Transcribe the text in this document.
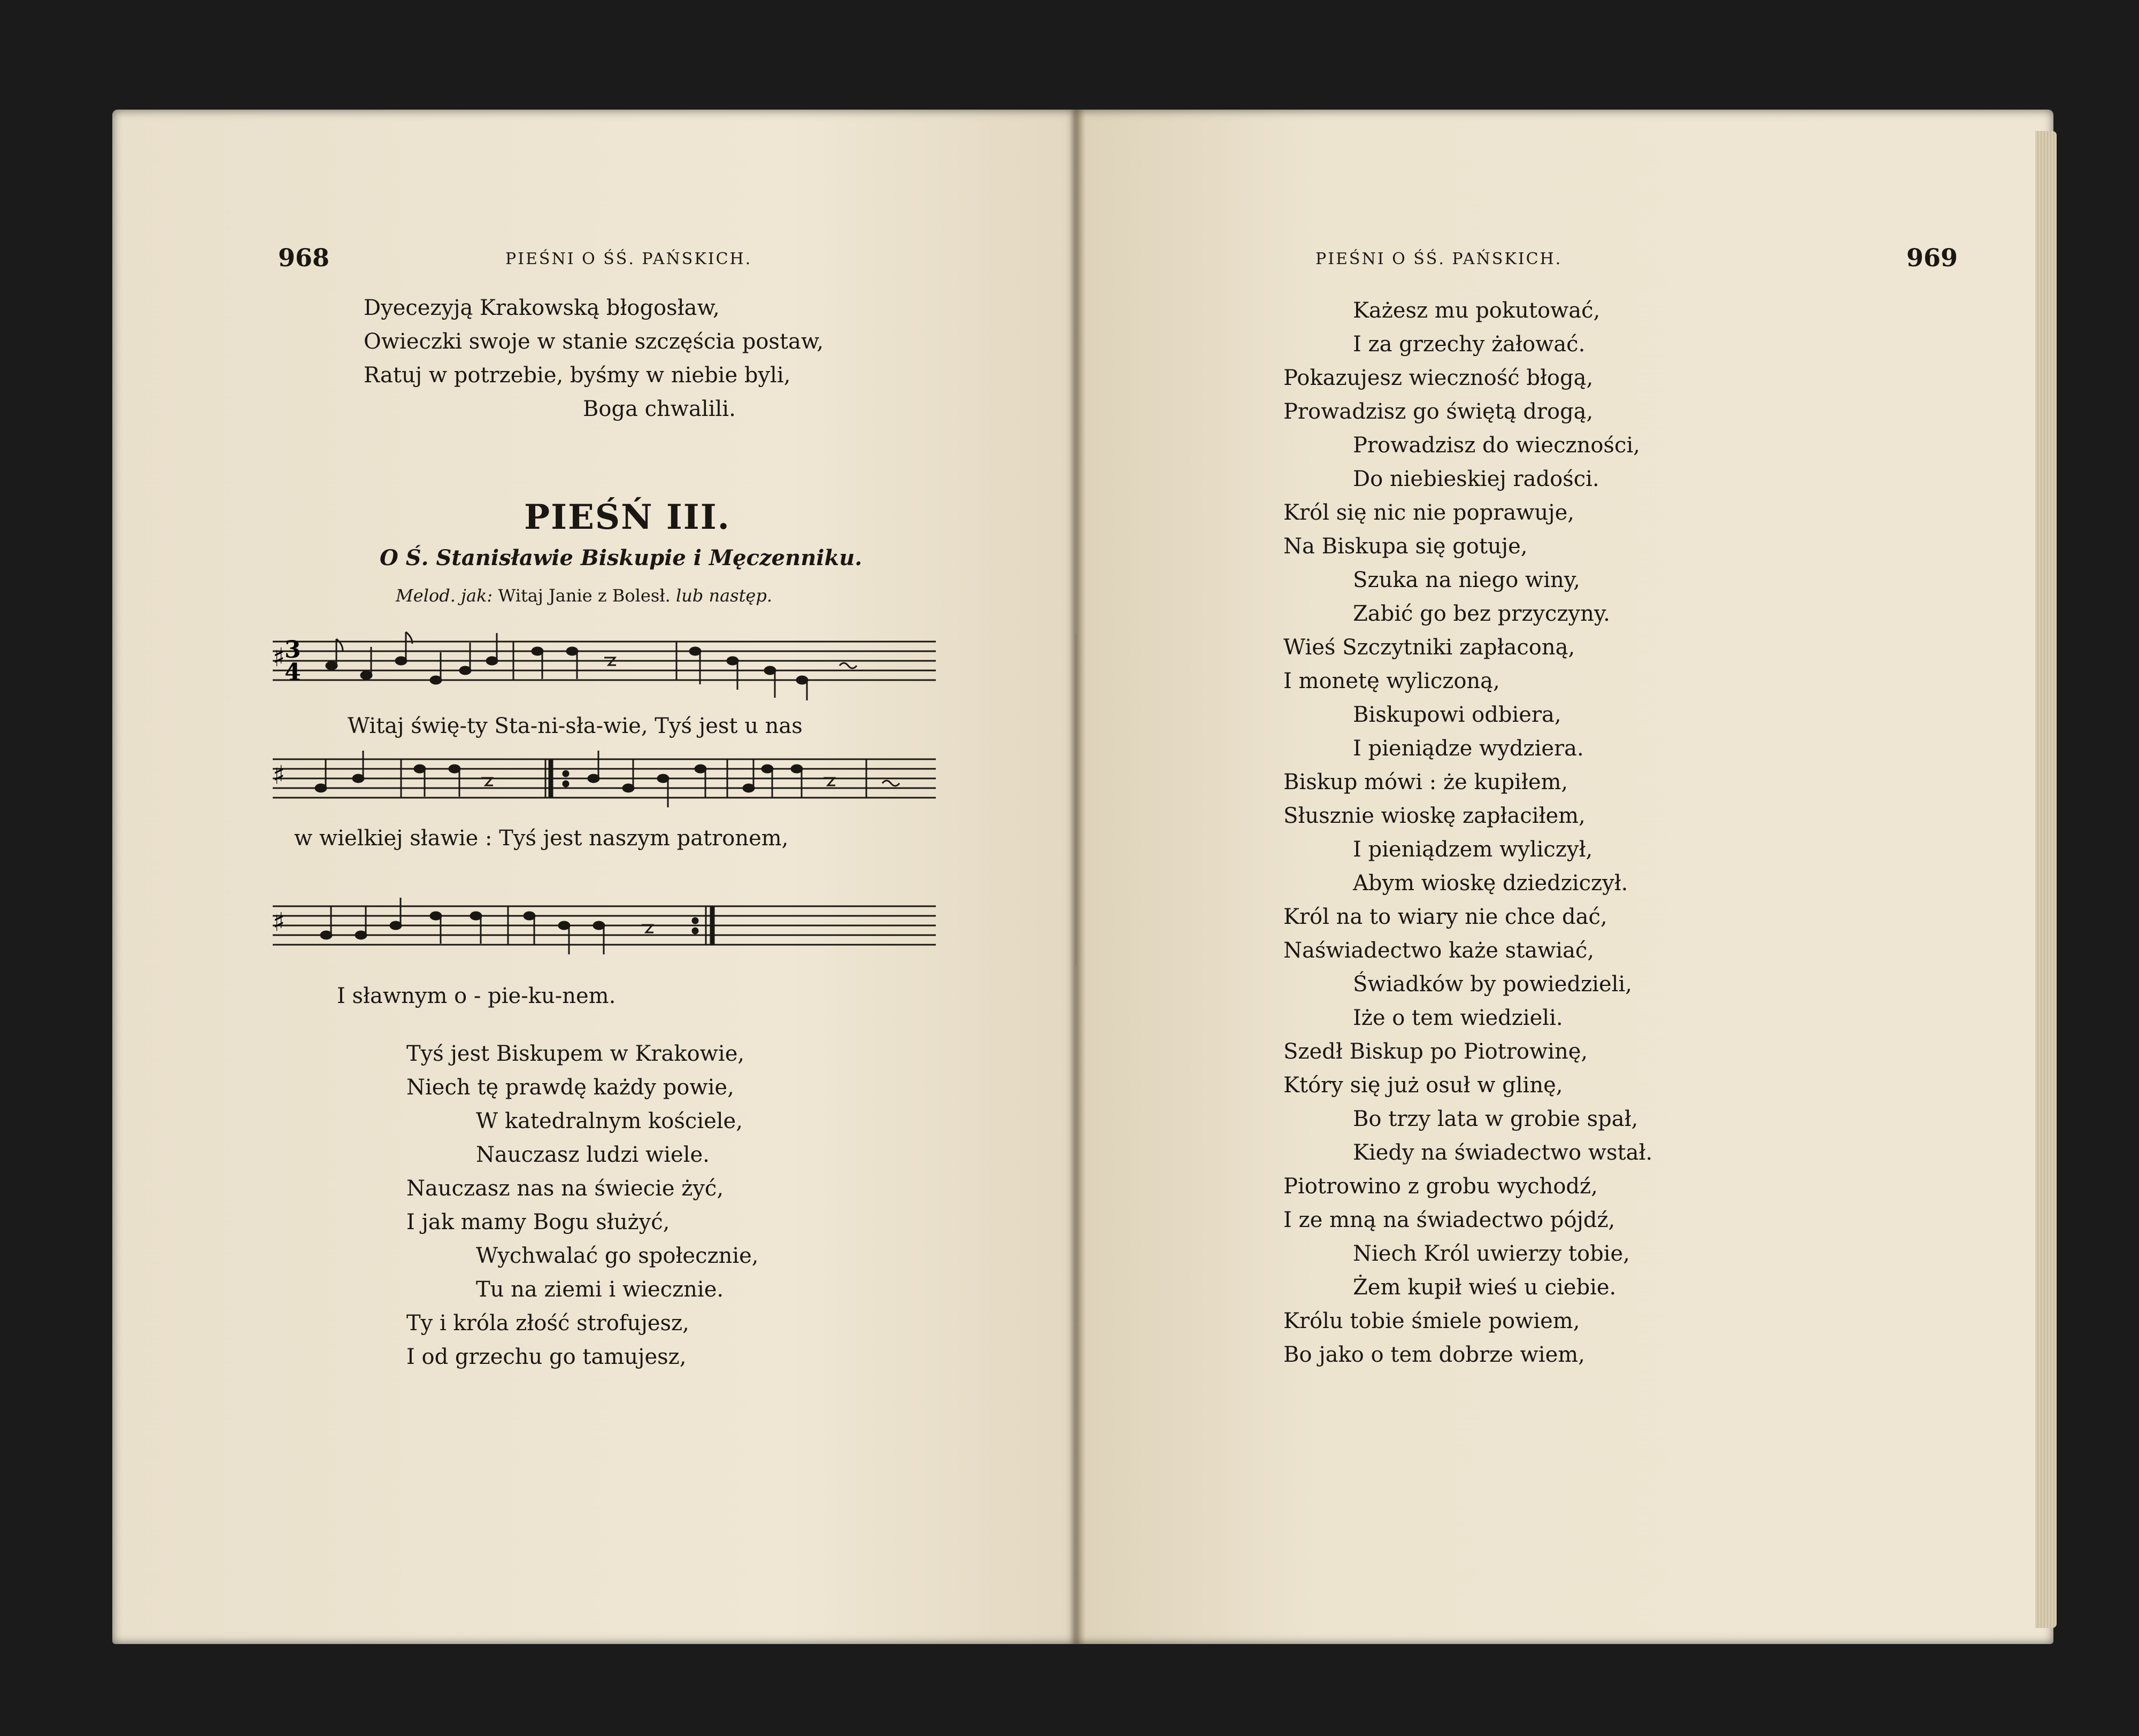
968	PIEŚNI O ŚŚ. PAŃSKICH.
Dyecezyją Krakowską błogosław,
Owieczki swoje w stanie szczęścia postaw,
Ratuj w potrzebie, byśmy w niebie byli,
Boga chwalili.
PIEŚŃ III.
O Ś. Stanisławie Biskupie i Męczenniku.
Melod. jak: Witaj Janie z Bolesł. lub następ.
♯
3
4
Witaj świę-ty Sta-ni-sła-wie, Tyś jest u nas
♯
w wielkiej sławie : Tyś jest naszym patronem,
♯
I sławnym o - pie-ku-nem.
Tyś jest Biskupem w Krakowie,
Niech tę prawdę każdy powie,
W katedralnym kościele,
Nauczasz ludzi wiele.
Nauczasz nas na świecie żyć,
I jak mamy Bogu służyć,
Wychwalać go społecznie,
Tu na ziemi i wiecznie.
Ty i króla złość strofujesz,
I od grzechu go tamujesz,
PIEŚNI O ŚŚ. PAŃSKICH.	969
Każesz mu pokutować,
I za grzechy żałować.
Pokazujesz wieczność błogą,
Prowadzisz go świętą drogą,
Prowadzisz do wieczności,
Do niebieskiej radości.
Król się nic nie poprawuje,
Na Biskupa się gotuje,
Szuka na niego winy,
Zabić go bez przyczyny.
Wieś Szczytniki zapłaconą,
I monetę wyliczoną,
Biskupowi odbiera,
I pieniądze wydziera.
Biskup mówi : że kupiłem,
Słusznie wioskę zapłaciłem,
I pieniądzem wyliczył,
Abym wioskę dziedziczył.
Król na to wiary nie chce dać,
Naświadectwo każe stawiać,
Świadków by powiedzieli,
Iże o tem wiedzieli.
Szedł Biskup po Piotrowinę,
Który się już osuł w glinę,
Bo trzy lata w grobie spał,
Kiedy na świadectwo wstał.
Piotrowino z grobu wychodź,
I ze mną na świadectwo pójdź,
Niech Król uwierzy tobie,
Żem kupił wieś u ciebie.
Królu tobie śmiele powiem,
Bo jako o tem dobrze wiem,
